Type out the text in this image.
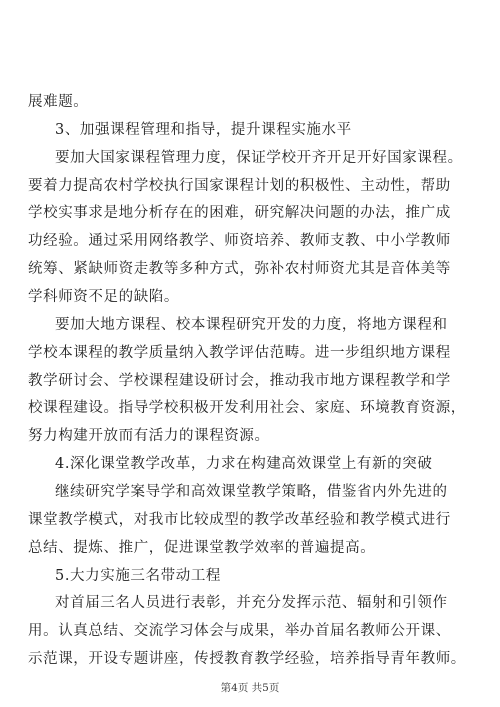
展难题。
3、加强课程管理和指导，提升课程实施水平
要加大国家课程管理力度，保证学校开齐开足开好国家课程。
要着力提高农村学校执行国家课程计划的积极性、主动性，帮助
学校实事求是地分析存在的困难，研究解决问题的办法，推广成
功经验。通过采用网络教学、师资培养、教师支教、中小学教师
统筹、紧缺师资走教等多种方式，弥补农村师资尤其是音体美等
学科师资不足的缺陷。
要加大地方课程、校本课程研究开发的力度，将地方课程和
学校本课程的教学质量纳入教学评估范畴。进一步组织地方课程
教学研讨会、学校课程建设研讨会，推动我市地方课程教学和学
校课程建设。指导学校积极开发利用社会、家庭、环境教育资源，
努力构建开放而有活力的课程资源。
4.深化课堂教学改革，力求在构建高效课堂上有新的突破
继续研究学案导学和高效课堂教学策略，借鉴省内外先进的
课堂教学模式，对我市比较成型的教学改革经验和教学模式进行
总结、提炼、推广，促进课堂教学效率的普遍提高。
5.大力实施三名带动工程
对首届三名人员进行表彰，并充分发挥示范、辐射和引领作
用。认真总结、交流学习体会与成果，举办首届名教师公开课、
示范课，开设专题讲座，传授教育教学经验，培养指导青年教师。
第4页 共5页
